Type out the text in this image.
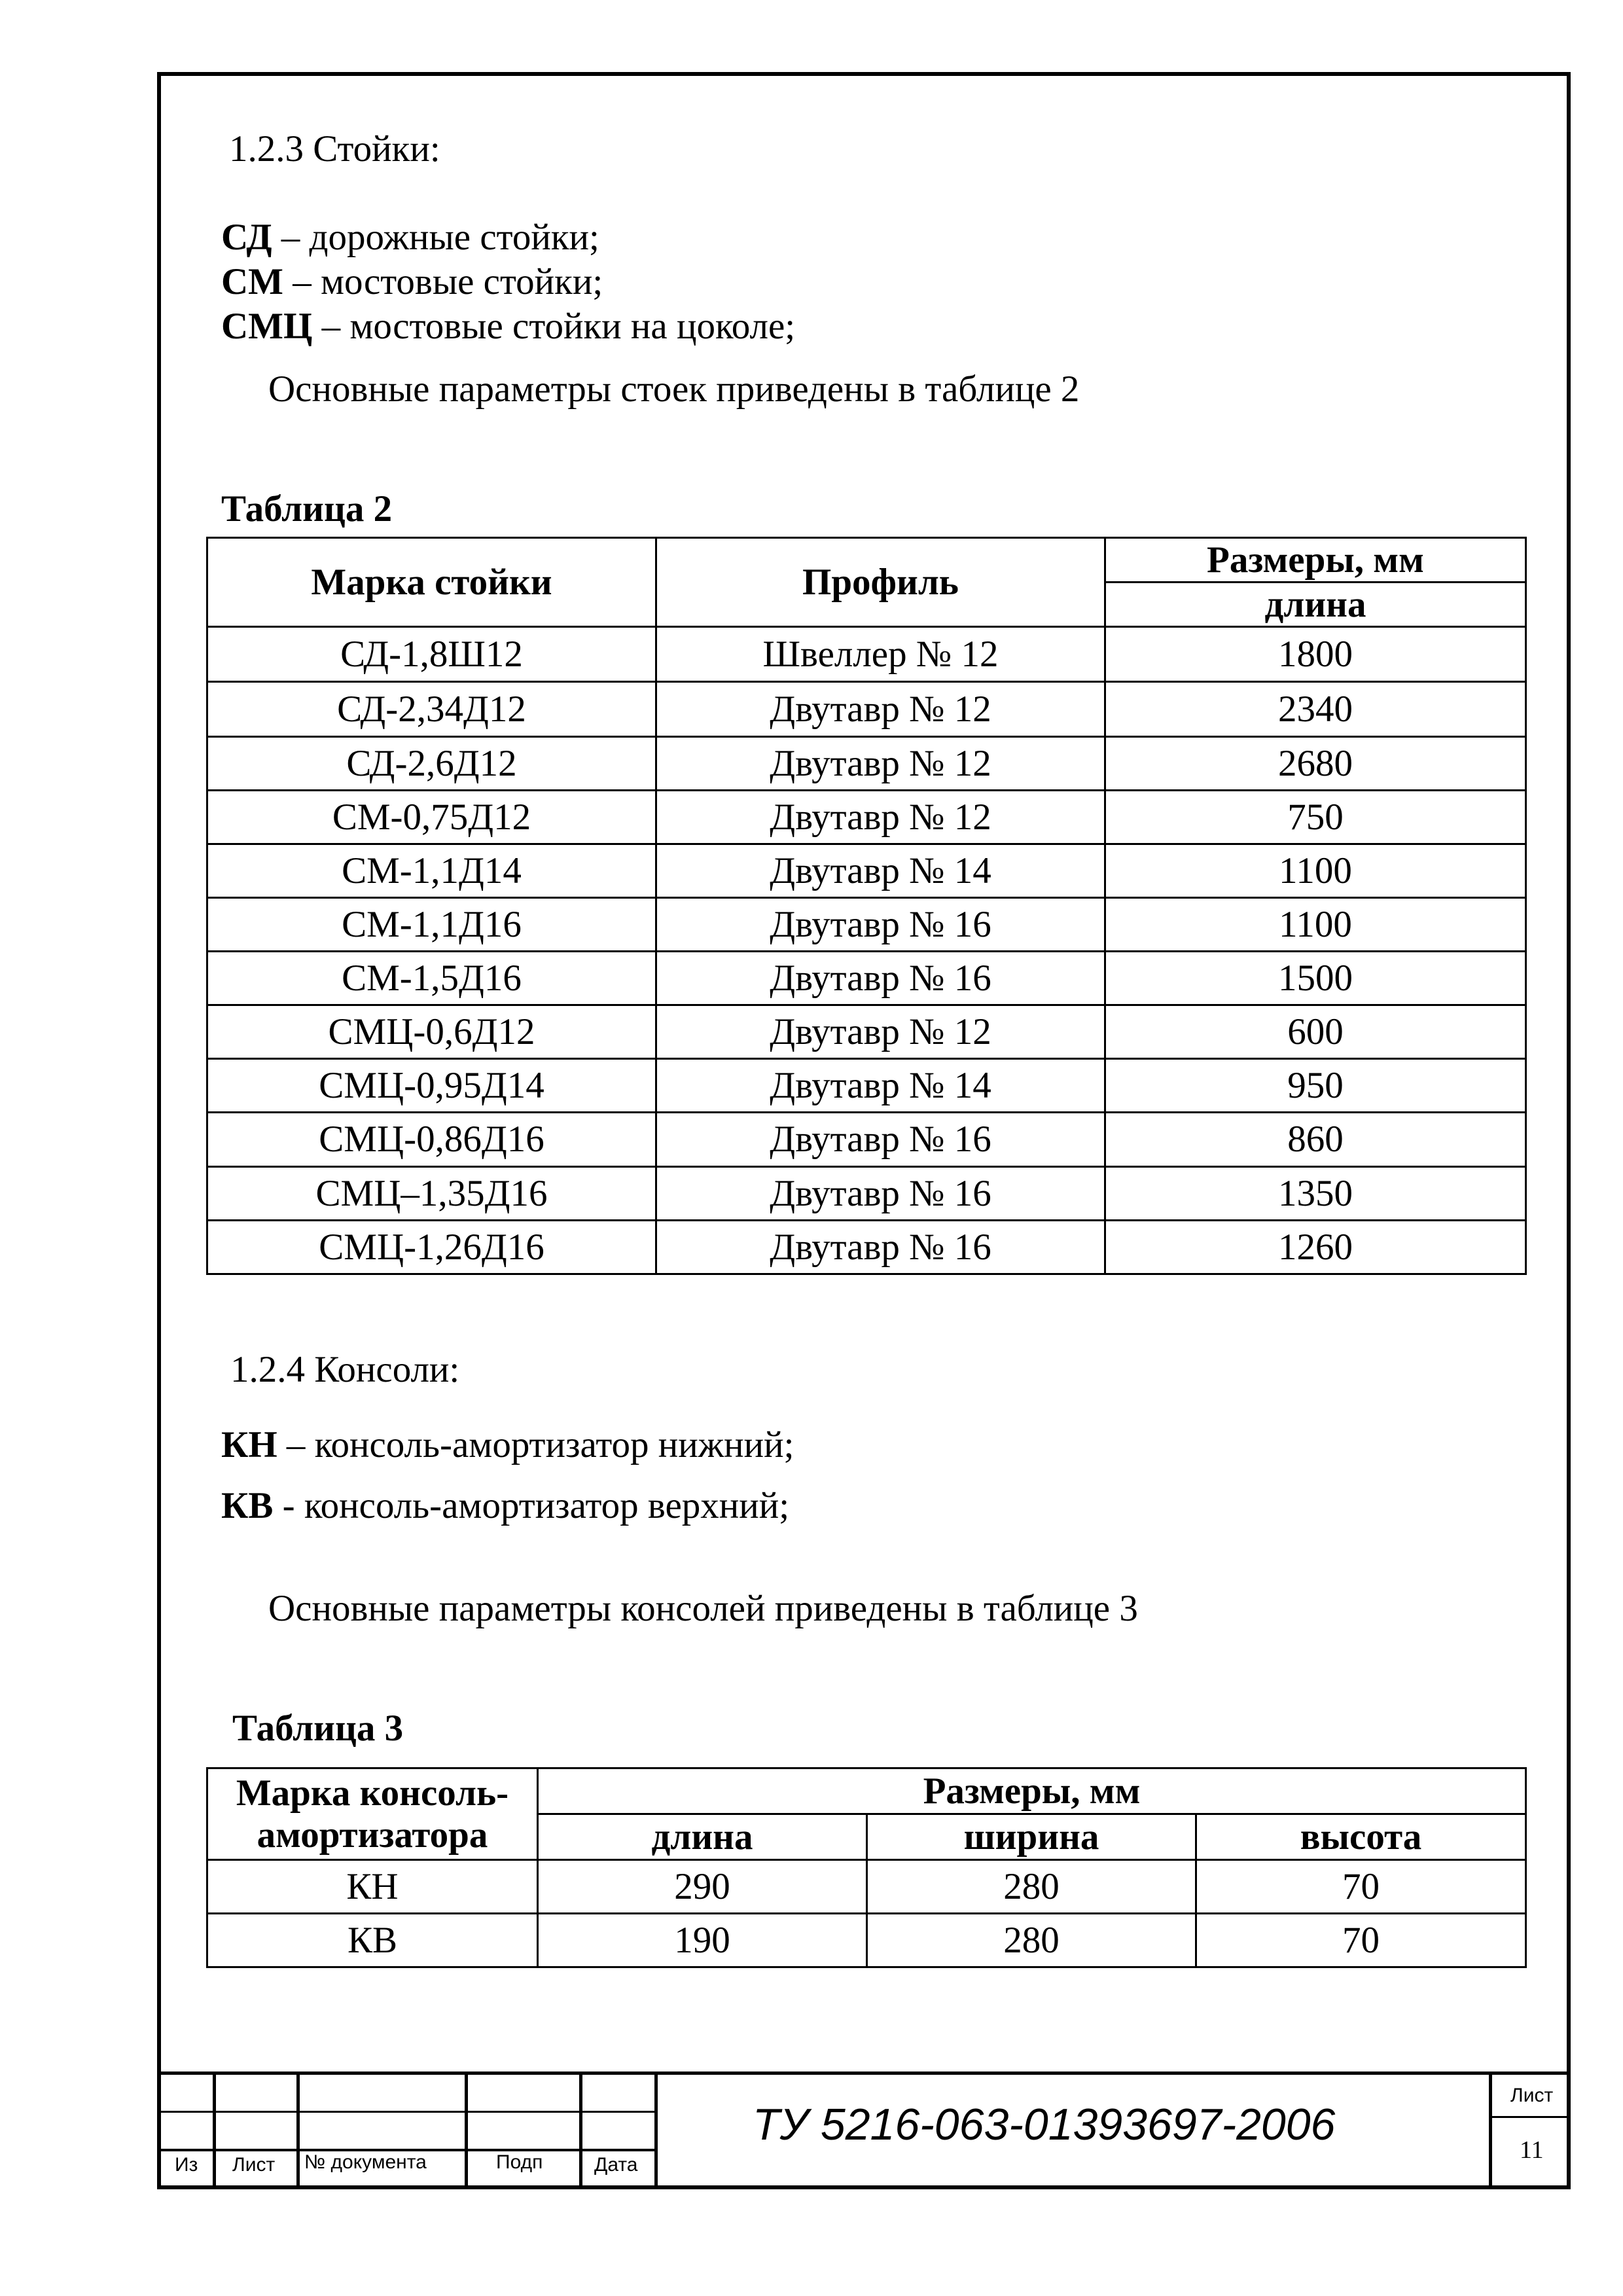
1.2.3 Стойки:
СД – дорожные стойки;
СМ – мостовые стойки;
СМЦ – мостовые стойки на цоколе;
Основные параметры стоек приведены в таблице 2
Таблица 2
Марка стойки	Профиль	Размеры, мм
		длина
СД-1,8Ш12	Швеллер № 12	1800
СД-2,34Д12	Двутавр № 12	2340
СД-2,6Д12	Двутавр № 12	2680
СМ-0,75Д12	Двутавр № 12	750
СМ-1,1Д14	Двутавр № 14	1100
СМ-1,1Д16	Двутавр № 16	1100
СМ-1,5Д16	Двутавр № 16	1500
СМЦ-0,6Д12	Двутавр № 12	600
СМЦ-0,95Д14	Двутавр № 14	950
СМЦ-0,86Д16	Двутавр № 16	860
СМЦ–1,35Д16	Двутавр № 16	1350
СМЦ-1,26Д16	Двутавр № 16	1260
1.2.4 Консоли:
КН – консоль-амортизатор нижний;
КВ - консоль-амортизатор верхний;
Основные параметры консолей приведены в таблице 3
Таблица 3
Марка консоль-
амортизатора	Размеры, мм		
	длина	ширина	высота
КН	290	280	70
КВ	190	280	70
Из Лист № документа	Подп	Дата
ТУ 5216-063-01393697-2006
Лист
11
